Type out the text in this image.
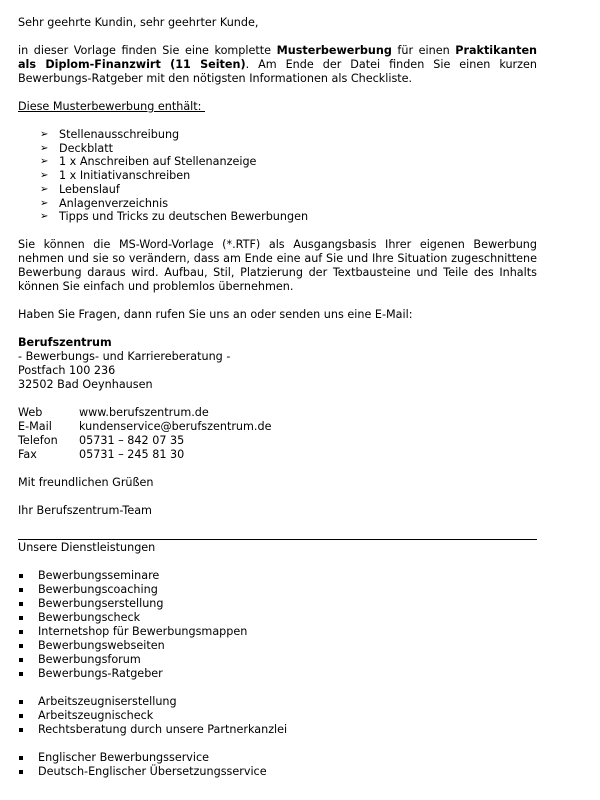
Sehr geehrte Kundin, sehr geehrter Kunde,

in dieser Vorlage finden Sie eine komplette Musterbewerbung für einen Praktikanten als Diplom-Finanzwirt (11 Seiten). Am Ende der Datei finden Sie einen kurzen Bewerbungs-Ratgeber mit den nötigsten Informationen als Checkliste.

Diese Musterbewerbung enthält:

➢ Stellenausschreibung
➢ Deckblatt
➢ 1 x Anschreiben auf Stellenanzeige
➢ 1 x Initiativanschreiben
➢ Lebenslauf
➢ Anlagenverzeichnis
➢ Tipps und Tricks zu deutschen Bewerbungen

Sie können die MS-Word-Vorlage (*.RTF) als Ausgangsbasis Ihrer eigenen Bewerbung nehmen und sie so verändern, dass am Ende eine auf Sie und Ihre Situation zugeschnittene Bewerbung daraus wird. Aufbau, Stil, Platzierung der Textbausteine und Teile des Inhalts können Sie einfach und problemlos übernehmen.

Haben Sie Fragen, dann rufen Sie uns an oder senden uns eine E-Mail:

Berufszentrum

- Bewerbungs- und Karriereberatung -

Postfach 100 236

32502 Bad Oeynhausen

Web	www.berufszentrum.de
E-Mail	kundenservice@berufszentrum.de
Telefon	05731 – 842 07 35
Fax	05731 – 245 81 30

Mit freundlichen Grüßen

Ihr Berufszentrum-Team

Unsere Dienstleistungen

Bewerbungsseminare
Bewerbungscoaching
Bewerbungserstellung
Bewerbungscheck
Internetshop für Bewerbungsmappen
Bewerbungswebseiten
Bewerbungsforum
Bewerbungs-Ratgeber
Arbeitszeugniserstellung
Arbeitszeugnischeck
Rechtsberatung durch unsere Partnerkanzlei
Englischer Bewerbungsservice
Deutsch-Englischer Übersetzungsservice
